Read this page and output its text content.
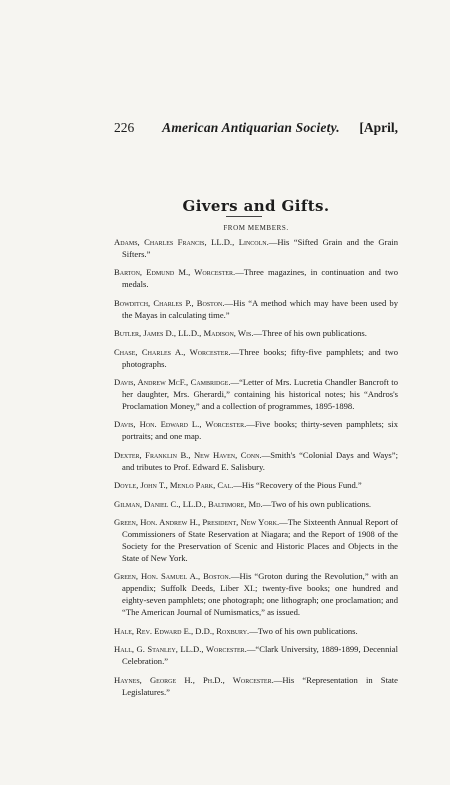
226	American Antiquarian Society.	[April,
Givers and Gifts.
FROM MEMBERS.

Adams, Charles Francis, LL.D., Lincoln.—His “Sifted Grain and the Grain Sifters.”

Barton, Edmund M., Worcester.—Three magazines, in continuation and two medals.

Bowditch, Charles P., Boston.—His “A method which may have been used by the Mayas in calculating time.”

Butler, James D., LL.D., Madison, Wis.—Three of his own publications.

Chase, Charles A., Worcester.—Three books; fifty-five pamphlets; and two photographs.

Davis, Andrew McF., Cambridge.—“Letter of Mrs. Lucretia Chandler Bancroft to her daughter, Mrs. Gherardi,” containing his historical notes; his “Andros's Proclamation Money,” and a collection of programmes, 1895-1898.

Davis, Hon. Edward L., Worcester.—Five books; thirty-seven pamphlets; six portraits; and one map.

Dexter, Franklin B., New Haven, Conn.—Smith's “Colonial Days and Ways”; and tributes to Prof. Edward E. Salisbury.

Doyle, John T., Menlo Park, Cal.—His “Recovery of the Pious Fund.”

Gilman, Daniel C., LL.D., Baltimore, Md.—Two of his own publications.

Green, Hon. Andrew H., President, New York.—The Sixteenth Annual Report of Commissioners of State Reservation at Niagara; and the Report of 1908 of the Society for the Preservation of Scenic and Historic Places and Objects in the State of New York.

Green, Hon. Samuel A., Boston.—His “Groton during the Revolution,” with an appendix; Suffolk Deeds, Liber XI.; twenty-five books; one hundred and eighty-seven pamphlets; one photograph; one lithograph; one proclamation; and “The American Journal of Numismatics,” as issued.

Hale, Rev. Edward E., D.D., Roxbury.—Two of his own publications.

Hall, G. Stanley, LL.D., Worcester.—“Clark University, 1889-1899, Decennial Celebration.”

Haynes, George H., Ph.D., Worcester.—His “Representation in State Legislatures.”
